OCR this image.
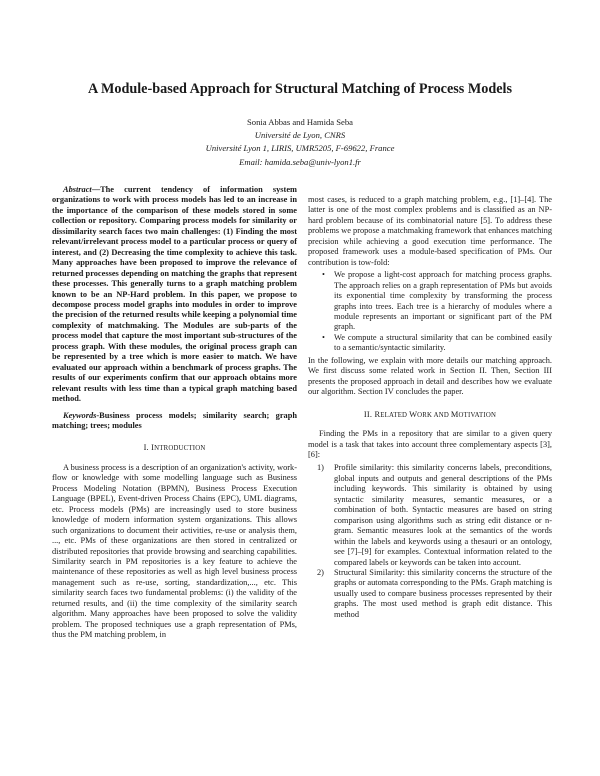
A Module-based Approach for Structural Matching of Process Models
Sonia Abbas and Hamida Seba
Université de Lyon, CNRS
Université Lyon 1, LIRIS, UMR5205, F-69622, France
Email: hamida.seba@univ-lyon1.fr

Abstract—The current tendency of information system organizations to work with process models has led to an increase in the importance of the comparison of these models stored in some collection or repository. Comparing process models for similarity or dissimilarity search faces two main challenges: (1) Finding the most relevant/irrelevant process model to a particular process or query of interest, and (2) Decreasing the time complexity to achieve this task. Many approaches have been proposed to improve the relevance of returned processes depending on matching the graphs that represent these processes. This generally turns to a graph matching problem known to be an NP-Hard problem. In this paper, we propose to decompose process model graphs into modules in order to improve the precision of the returned results while keeping a polynomial time complexity of matchmaking. The Modules are sub-parts of the process model that capture the most important sub-structures of the process graph. With these modules, the original process graph can be represented by a tree which is more easier to match. We have evaluated our approach within a benchmark of process graphs. The results of our experiments confirm that our approach obtains more relevant results with less time than a typical graph matching based method.

Keywords-Business process models; similarity search; graph matching; trees; modules

I. INTRODUCTION

A business process is a description of an organization's activity, work-flow or knowledge with some modelling language such as Business Process Modeling Notation (BPMN), Business Process Execution Language (BPEL), Event-driven Process Chains (EPC), UML diagrams, etc. Process models (PMs) are increasingly used to store business knowledge of modern information system organizations. This allows such organizations to document their activities, re-use or analysis them, ..., etc. PMs of these organizations are then stored in centralized or distributed repositories that provide browsing and searching capabilities. Similarity search in PM repositories is a key feature to achieve the maintenance of these repositories as well as high level business process management such as re-use, sorting, standardization,..., etc. This similarity search faces two fundamental problems: (i) the validity of the returned results, and (ii) the time complexity of the similarity search algorithm. Many approaches have been proposed to solve the validity problem. The proposed techniques use a graph representation of PMs, thus the PM matching problem, in

most cases, is reduced to a graph matching problem, e.g., [1]–[4]. The latter is one of the most complex problems and is classified as an NP-hard problem because of its combinatorial nature [5]. To address these problems we propose a matchmaking framework that enhances matching precision while achieving a good execution time performance. The proposed framework uses a module-based specification of PMs. Our contribution is tow-fold:

• We propose a light-cost approach for matching process graphs. The approach relies on a graph representation of PMs but avoids its exponential time complexity by transforming the process graphs into trees. Each tree is a hierarchy of modules where a module represents an important or significant part of the PM graph.
• We compute a structural similarity that can be combined easily to a semantic/syntactic similarity.

In the following, we explain with more details our matching approach. We first discuss some related work in Section II. Then, Section III presents the proposed approach in detail and describes how we evaluate our algorithm. Section IV concludes the paper.

II. RELATED WORK AND MOTIVATION

Finding the PMs in a repository that are similar to a given query model is a task that takes into account three complementary aspects [3], [6]:

1) Profile similarity: this similarity concerns labels, preconditions, global inputs and outputs and general descriptions of the PMs including keywords. This similarity is obtained by using syntactic similarity measures, semantic measures, or a combination of both. Syntactic measures are based on string comparison using algorithms such as string edit distance or n-gram. Semantic measures look at the semantics of the words within the labels and keywords using a thesauri or an ontology, see [7]–[9] for examples. Contextual information related to the compared labels or keywords can be taken into account.
2) Structural Similarity: this similarity concerns the structure of the graphs or automata corresponding to the PMs. Graph matching is usually used to compare business processes represented by their graphs. The most used method is graph edit distance. This method
